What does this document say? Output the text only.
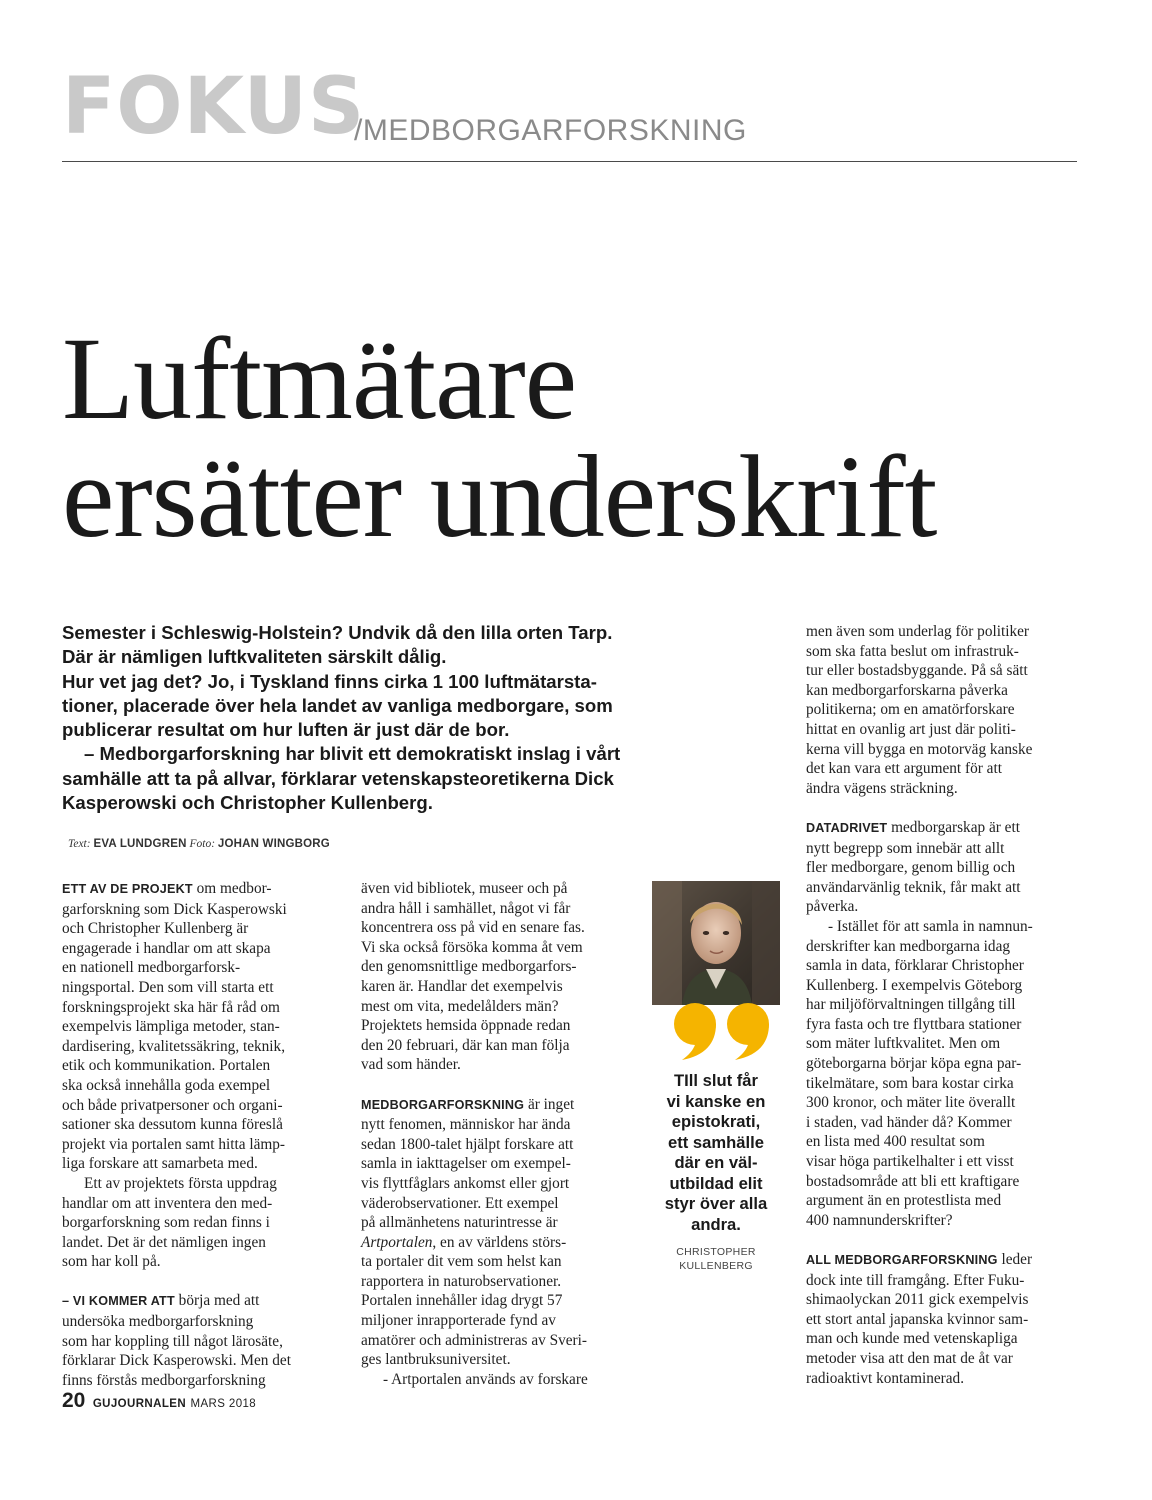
FOKUS
/MEDBORGARFORSKNING
Luftmätare
ersätter underskrift

Semester i Schleswig-Holstein? Undvik då den lilla orten Tarp.

Där är nämligen luftkvaliteten särskilt dålig.

Hur vet jag det? Jo, i Tyskland finns cirka 1 100 luftmätarsta-

tioner, placerade över hela landet av vanliga medborgare, som

publicerar resultat om hur luften är just där de bor.

– Medborgarforskning har blivit ett demokratiskt inslag i vårt

samhälle att ta på allvar, förklarar vetenskapsteoretikerna Dick

Kasperowski och Christopher Kullenberg.

Text: EVA LUNDGREN Foto: JOHAN WINGBORG
ETT AV DE PROJEKT om medbor-
garforskning som Dick Kasperowski
och Christopher Kullenberg är
engagerade i handlar om att skapa
en nationell medborgarforsk-
ningsportal. Den som vill starta ett
forskningsprojekt ska här få råd om
exempelvis lämpliga metoder, stan-
dardisering, kvalitetssäkring, teknik,
etik och kommunikation. Portalen
ska också innehålla goda exempel
och både privatpersoner och organi-
sationer ska dessutom kunna föreslå
projekt via portalen samt hitta lämp-
liga forskare att samarbeta med.
Ett av projektets första uppdrag
handlar om att inventera den med-
borgarforskning som redan finns i
landet. Det är det nämligen ingen
som har koll på.
– VI KOMMER ATT börja med att
undersöka medborgarforskning
som har koppling till något lärosäte,
förklarar Dick Kasperowski. Men det
finns förstås medborgarforskning
även vid bibliotek, museer och på
andra håll i samhället, något vi får
koncentrera oss på vid en senare fas.
Vi ska också försöka komma åt vem
den genomsnittlige medborgarfors-
karen är. Handlar det exempelvis
mest om vita, medelålders män?
Projektets hemsida öppnade redan
den 20 februari, där kan man följa
vad som händer.
MEDBORGARFORSKNING är inget
nytt fenomen, människor har ända
sedan 1800-talet hjälpt forskare att
samla in iakttagelser om exempel-
vis flyttfåglars ankomst eller gjort
väderobservationer. Ett exempel
på allmänhetens naturintresse är
Artportalen, en av världens störs-
ta portaler dit vem som helst kan
rapportera in naturobservationer.
Portalen innehåller idag drygt 57
miljoner inrapporterade fynd av
amatörer och administreras av Sveri-
ges lantbruksuniversitet.
- Artportalen används av forskare
TIll slut får
vi kanske en
epistokrati,
ett samhälle
där en väl-
utbildad elit
styr över alla
andra.
CHRISTOPHER
KULLENBERG
men även som underlag för politiker
som ska fatta beslut om infrastruk-
tur eller bostadsbyggande. På så sätt
kan medborgarforskarna påverka
politikerna; om en amatörforskare
hittat en ovanlig art just där politi-
kerna vill bygga en motorväg kanske
det kan vara ett argument för att
ändra vägens sträckning.
DATADRIVET medborgarskap är ett
nytt begrepp som innebär att allt
fler medborgare, genom billig och
användarvänlig teknik, får makt att
påverka.
- Istället för att samla in namnun-
derskrifter kan medborgarna idag
samla in data, förklarar Christopher
Kullenberg. I exempelvis Göteborg
har miljöförvaltningen tillgång till
fyra fasta och tre flyttbara stationer
som mäter luftkvalitet. Men om
göteborgarna börjar köpa egna par-
tikelmätare, som bara kostar cirka
300 kronor, och mäter lite överallt
i staden, vad händer då? Kommer
en lista med 400 resultat som
visar höga partikelhalter i ett visst
bostadsområde att bli ett kraftigare
argument än en protestlista med
400 namnunderskrifter?
ALL MEDBORGARFORSKNING leder
dock inte till framgång. Efter Fuku-
shimaolyckan 2011 gick exempelvis
ett stort antal japanska kvinnor sam-
man och kunde med vetenskapliga
metoder visa att den mat de åt var
radioaktivt kontaminerad.
20 GUJOURNALEN MARS 2018
